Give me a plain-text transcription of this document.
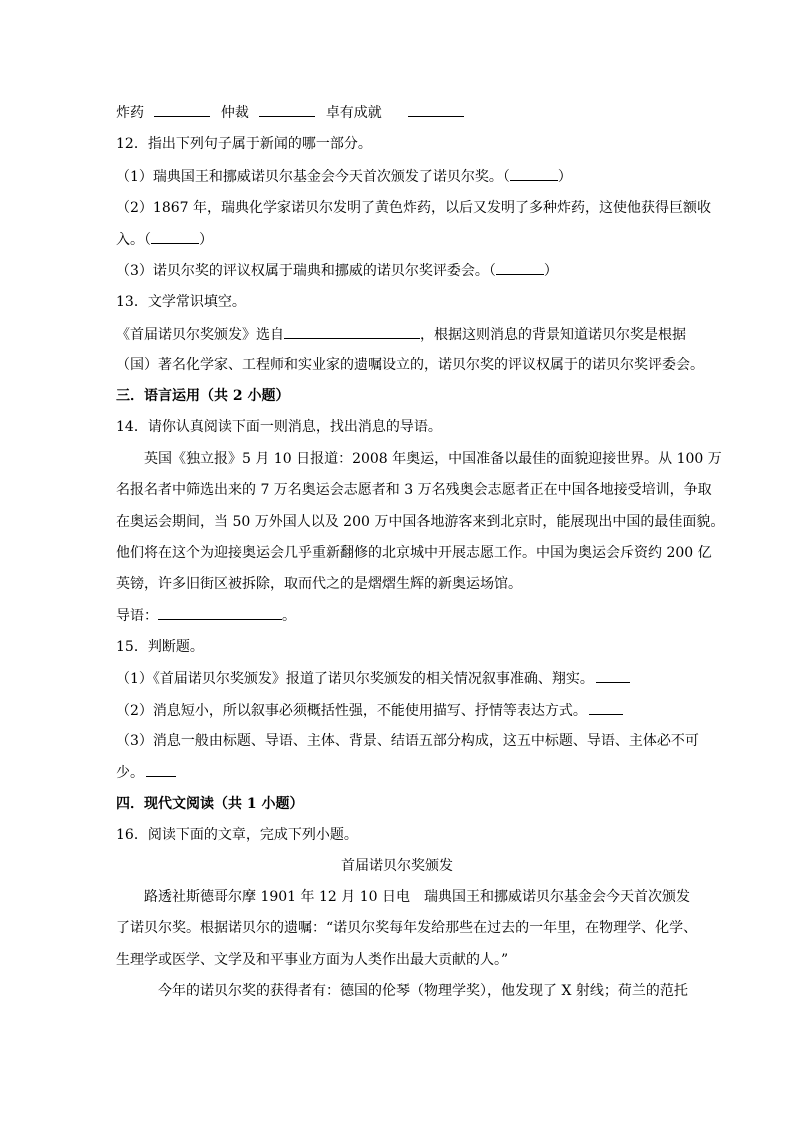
炸药	仲裁	卓有成就
12．指出下列句子属于新闻的哪一部分。
（1）瑞典国王和挪威诺贝尔基金会今天首次颁发了诺贝尔奖。（	）
（2）1867 年，瑞典化学家诺贝尔发明了黄色炸药，以后又发明了多种炸药，这使他获得巨额收
入。（	）
（3）诺贝尔奖的评议权属于瑞典和挪威的诺贝尔奖评委会。（	）
13．文学常识填空。
《首届诺贝尔奖颁发》选自	，根据这则消息的背景知道诺贝尔奖是根据
（国）著名化学家、工程师和实业家的遗嘱设立的，诺贝尔奖的评议权属于的诺贝尔奖评委会。
三．语言运用（共 2 小题）
14．请你认真阅读下面一则消息，找出消息的导语。
英国《独立报》5 月 10 日报道：2008 年奥运，中国准备以最佳的面貌迎接世界。从 100 万
名报名者中筛选出来的 7 万名奥运会志愿者和 3 万名残奥会志愿者正在中国各地接受培训，争取
在奥运会期间，当 50 万外国人以及 200 万中国各地游客来到北京时，能展现出中国的最佳面貌。
他们将在这个为迎接奥运会几乎重新翻修的北京城中开展志愿工作。中国为奥运会斥资约 200 亿
英镑，许多旧街区被拆除，取而代之的是熠熠生辉的新奥运场馆。
导语：	。
15．判断题。
（1）《首届诺贝尔奖颁发》报道了诺贝尔奖颁发的相关情况叙事准确、翔实。
（2）消息短小，所以叙事必须概括性强，不能使用描写、抒情等表达方式。
（3）消息一般由标题、导语、主体、背景、结语五部分构成，这五中标题、导语、主体必不可
少。
四．现代文阅读（共 1 小题）
16．阅读下面的文章，完成下列小题。
首届诺贝尔奖颁发
路透社斯德哥尔摩 1901 年 12 月 10 日电　瑞典国王和挪威诺贝尔基金会今天首次颁发
了诺贝尔奖。根据诺贝尔的遗嘱：“诺贝尔奖每年发给那些在过去的一年里，在物理学、化学、
生理学或医学、文学及和平事业方面为人类作出最大贡献的人。”
今年的诺贝尔奖的获得者有：德国的伦琴（物理学奖），他发现了 X 射线；荷兰的范托
